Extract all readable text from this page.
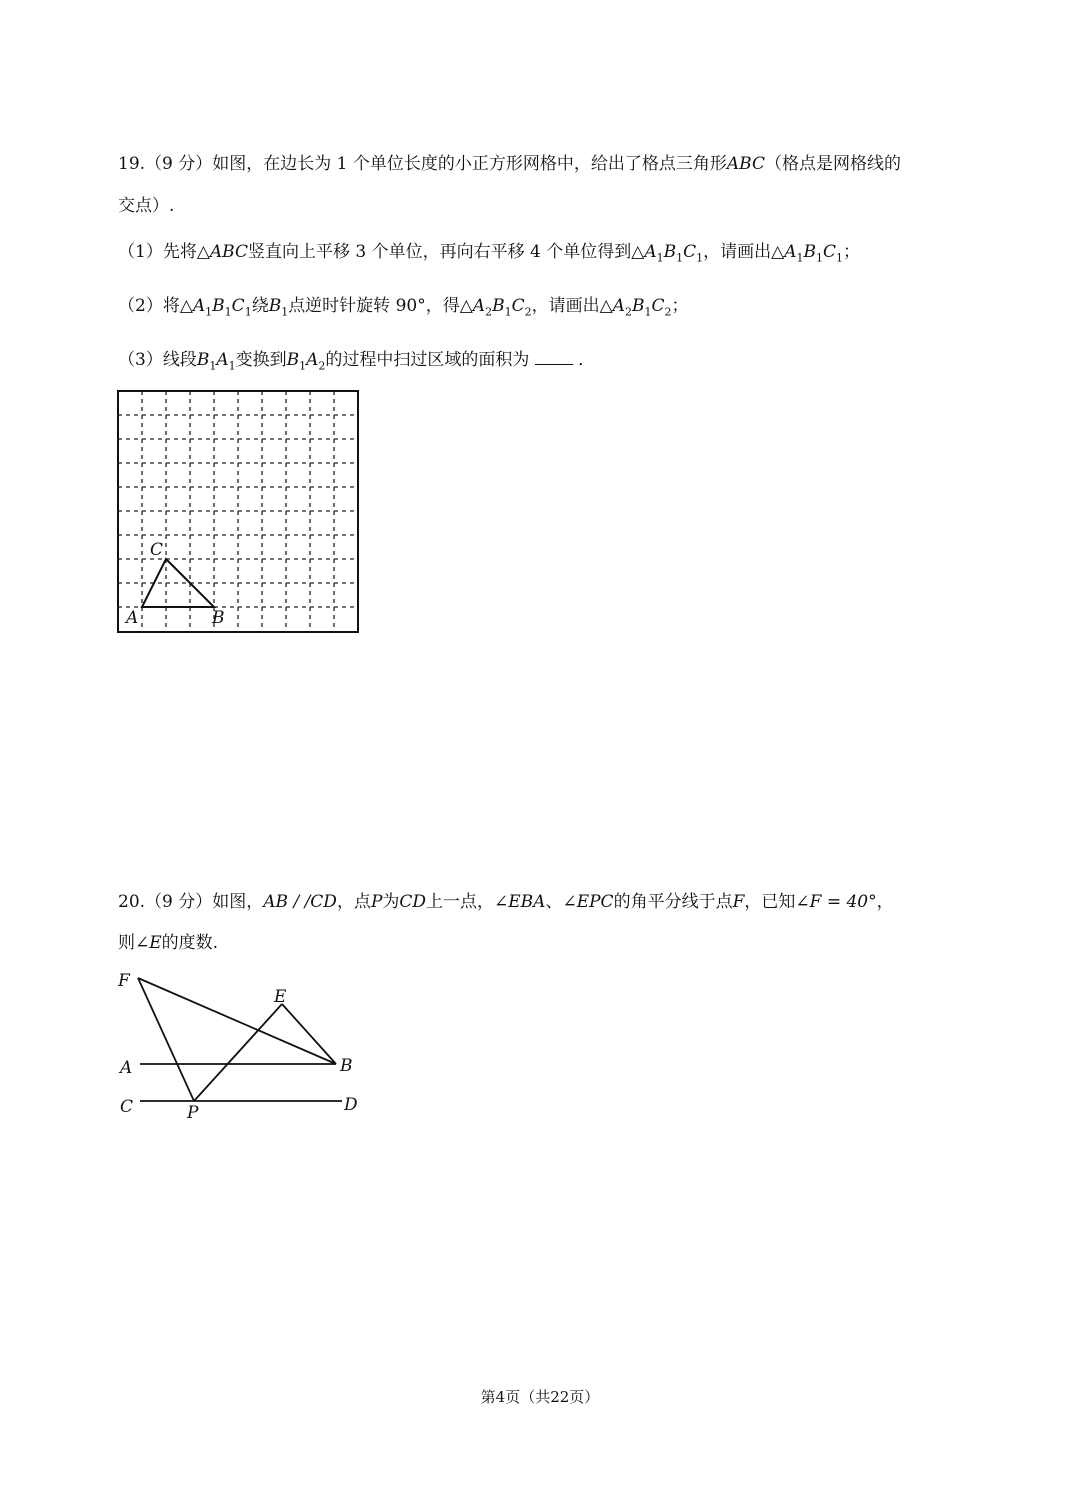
19.（9 分）如图，在边长为 1 个单位长度的小正方形网格中，给出了格点三角形ABC（格点是网格线的
交点）.
（1）先将△ABC竖直向上平移 3 个单位，再向右平移 4 个单位得到$\triangle A_1B_1C_1$，请画出$\triangle A_1B_1C_1$；
（2）将$\triangle A_1B_1C_1$绕$B_1$点逆时针旋转 90°，得$\triangle A_2B_1C_2$，请画出$\triangle A_2B_1C_2$；
（3）线段$B_1A_1$变换到$B_1A_2$的过程中扫过区域的面积为	．
C
A	B
20.（9 分）如图，AB / /CD，点P为CD上一点，∠EBA、∠EPC的角平分线于点F，已知∠F = 40°，
则∠E的度数.
F
E
A	B
C	P	D
第4页（共22页）
